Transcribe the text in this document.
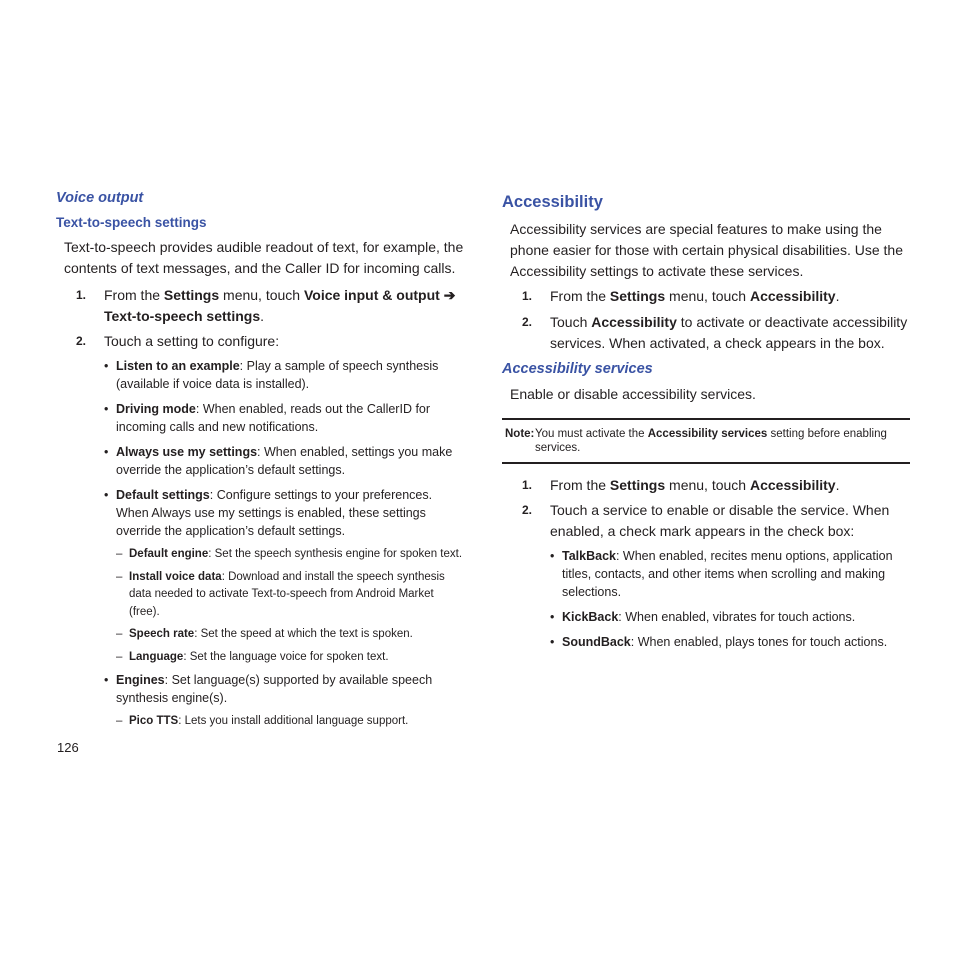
Voice output
Text-to-speech settings
Text-to-speech provides audible readout of text, for example, the contents of text messages, and the Caller ID for incoming calls.
1. From the Settings menu, touch Voice input & output ➔ Text-to-speech settings.
2. Touch a setting to configure:
• Listen to an example: Play a sample of speech synthesis (available if voice data is installed).
• Driving mode: When enabled, reads out the CallerID for incoming calls and new notifications.
• Always use my settings: When enabled, settings you make override the application’s default settings.
• Default settings: Configure settings to your preferences. When Always use my settings is enabled, these settings override the application’s default settings.
– Default engine: Set the speech synthesis engine for spoken text.
– Install voice data: Download and install the speech synthesis data needed to activate Text-to-speech from Android Market (free).
– Speech rate: Set the speed at which the text is spoken.
– Language: Set the language voice for spoken text.
• Engines: Set language(s) supported by available speech synthesis engine(s).
– Pico TTS: Lets you install additional language support.
Accessibility
Accessibility services are special features to make using the phone easier for those with certain physical disabilities. Use the Accessibility settings to activate these services.
1. From the Settings menu, touch Accessibility.
2. Touch Accessibility to activate or deactivate accessibility services. When activated, a check appears in the box.
Accessibility services
Enable or disable accessibility services.
Note: You must activate the Accessibility services setting before enabling services.
1. From the Settings menu, touch Accessibility.
2. Touch a service to enable or disable the service. When enabled, a check mark appears in the check box:
• TalkBack: When enabled, recites menu options, application titles, contacts, and other items when scrolling and making selections.
• KickBack: When enabled, vibrates for touch actions.
• SoundBack: When enabled, plays tones for touch actions.
126
